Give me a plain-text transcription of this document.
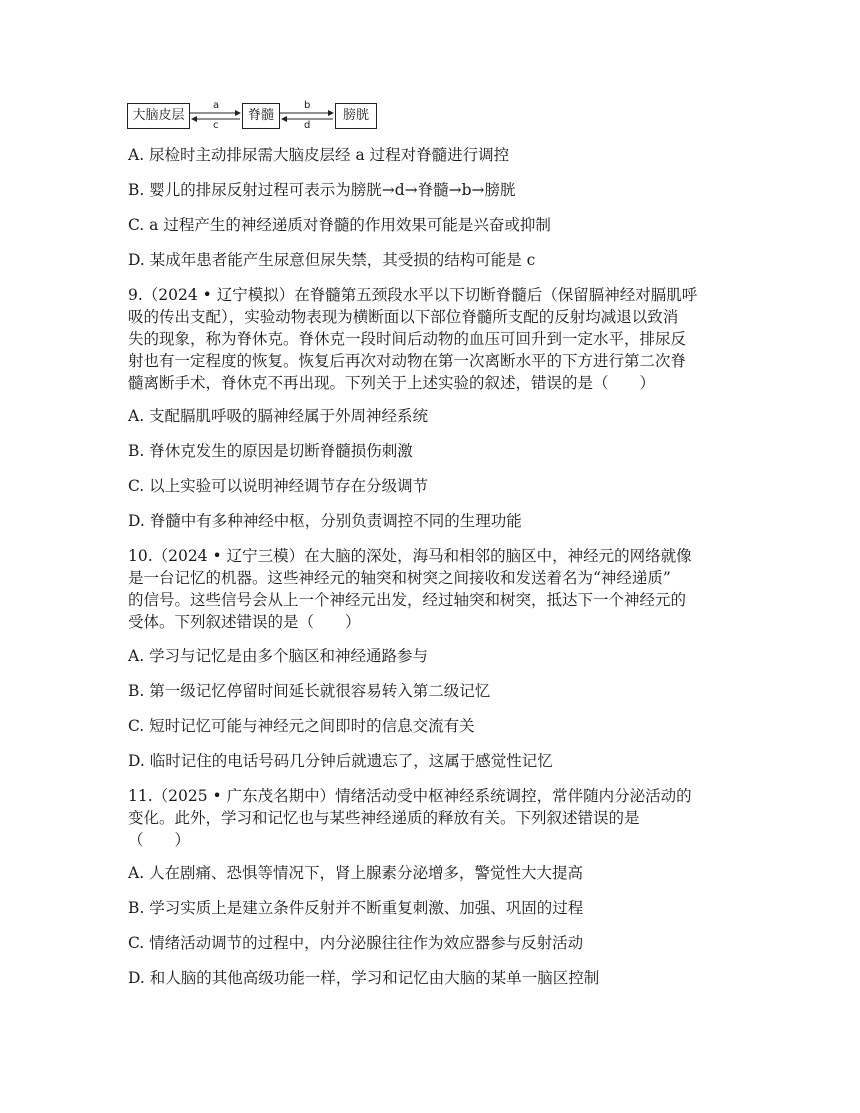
大脑皮层	脊髓	膀胱
a
c
b
d
A. 尿检时主动排尿需大脑皮层经 a 过程对脊髓进行调控
B. 婴儿的排尿反射过程可表示为膀胱→d→脊髓→b→膀胱
C. a 过程产生的神经递质对脊髓的作用效果可能是兴奋或抑制
D. 某成年患者能产生尿意但尿失禁，其受损的结构可能是 c
9.（2024 • 辽宁模拟）在脊髓第五颈段水平以下切断脊髓后（保留膈神经对膈肌呼
吸的传出支配），实验动物表现为横断面以下部位脊髓所支配的反射均减退以致消
失的现象，称为脊休克。脊休克一段时间后动物的血压可回升到一定水平，排尿反
射也有一定程度的恢复。恢复后再次对动物在第一次离断水平的下方进行第二次脊
髓离断手术，脊休克不再出现。下列关于上述实验的叙述，错误的是（　　）
A. 支配膈肌呼吸的膈神经属于外周神经系统
B. 脊休克发生的原因是切断脊髓损伤刺激
C. 以上实验可以说明神经调节存在分级调节
D. 脊髓中有多种神经中枢，分别负责调控不同的生理功能
10.（2024 • 辽宁三模）在大脑的深处，海马和相邻的脑区中，神经元的网络就像
是一台记忆的机器。这些神经元的轴突和树突之间接收和发送着名为“神经递质”
的信号。这些信号会从上一个神经元出发，经过轴突和树突，抵达下一个神经元的
受体。下列叙述错误的是（　　）
A. 学习与记忆是由多个脑区和神经通路参与
B. 第一级记忆停留时间延长就很容易转入第二级记忆
C. 短时记忆可能与神经元之间即时的信息交流有关
D. 临时记住的电话号码几分钟后就遗忘了，这属于感觉性记忆
11.（2025 • 广东茂名期中）情绪活动受中枢神经系统调控，常伴随内分泌活动的
变化。此外，学习和记忆也与某些神经递质的释放有关。下列叙述错误的是
（　　）
A. 人在剧痛、恐惧等情况下，肾上腺素分泌增多，警觉性大大提高
B. 学习实质上是建立条件反射并不断重复刺激、加强、巩固的过程
C. 情绪活动调节的过程中，内分泌腺往往作为效应器参与反射活动
D. 和人脑的其他高级功能一样，学习和记忆由大脑的某单一脑区控制
